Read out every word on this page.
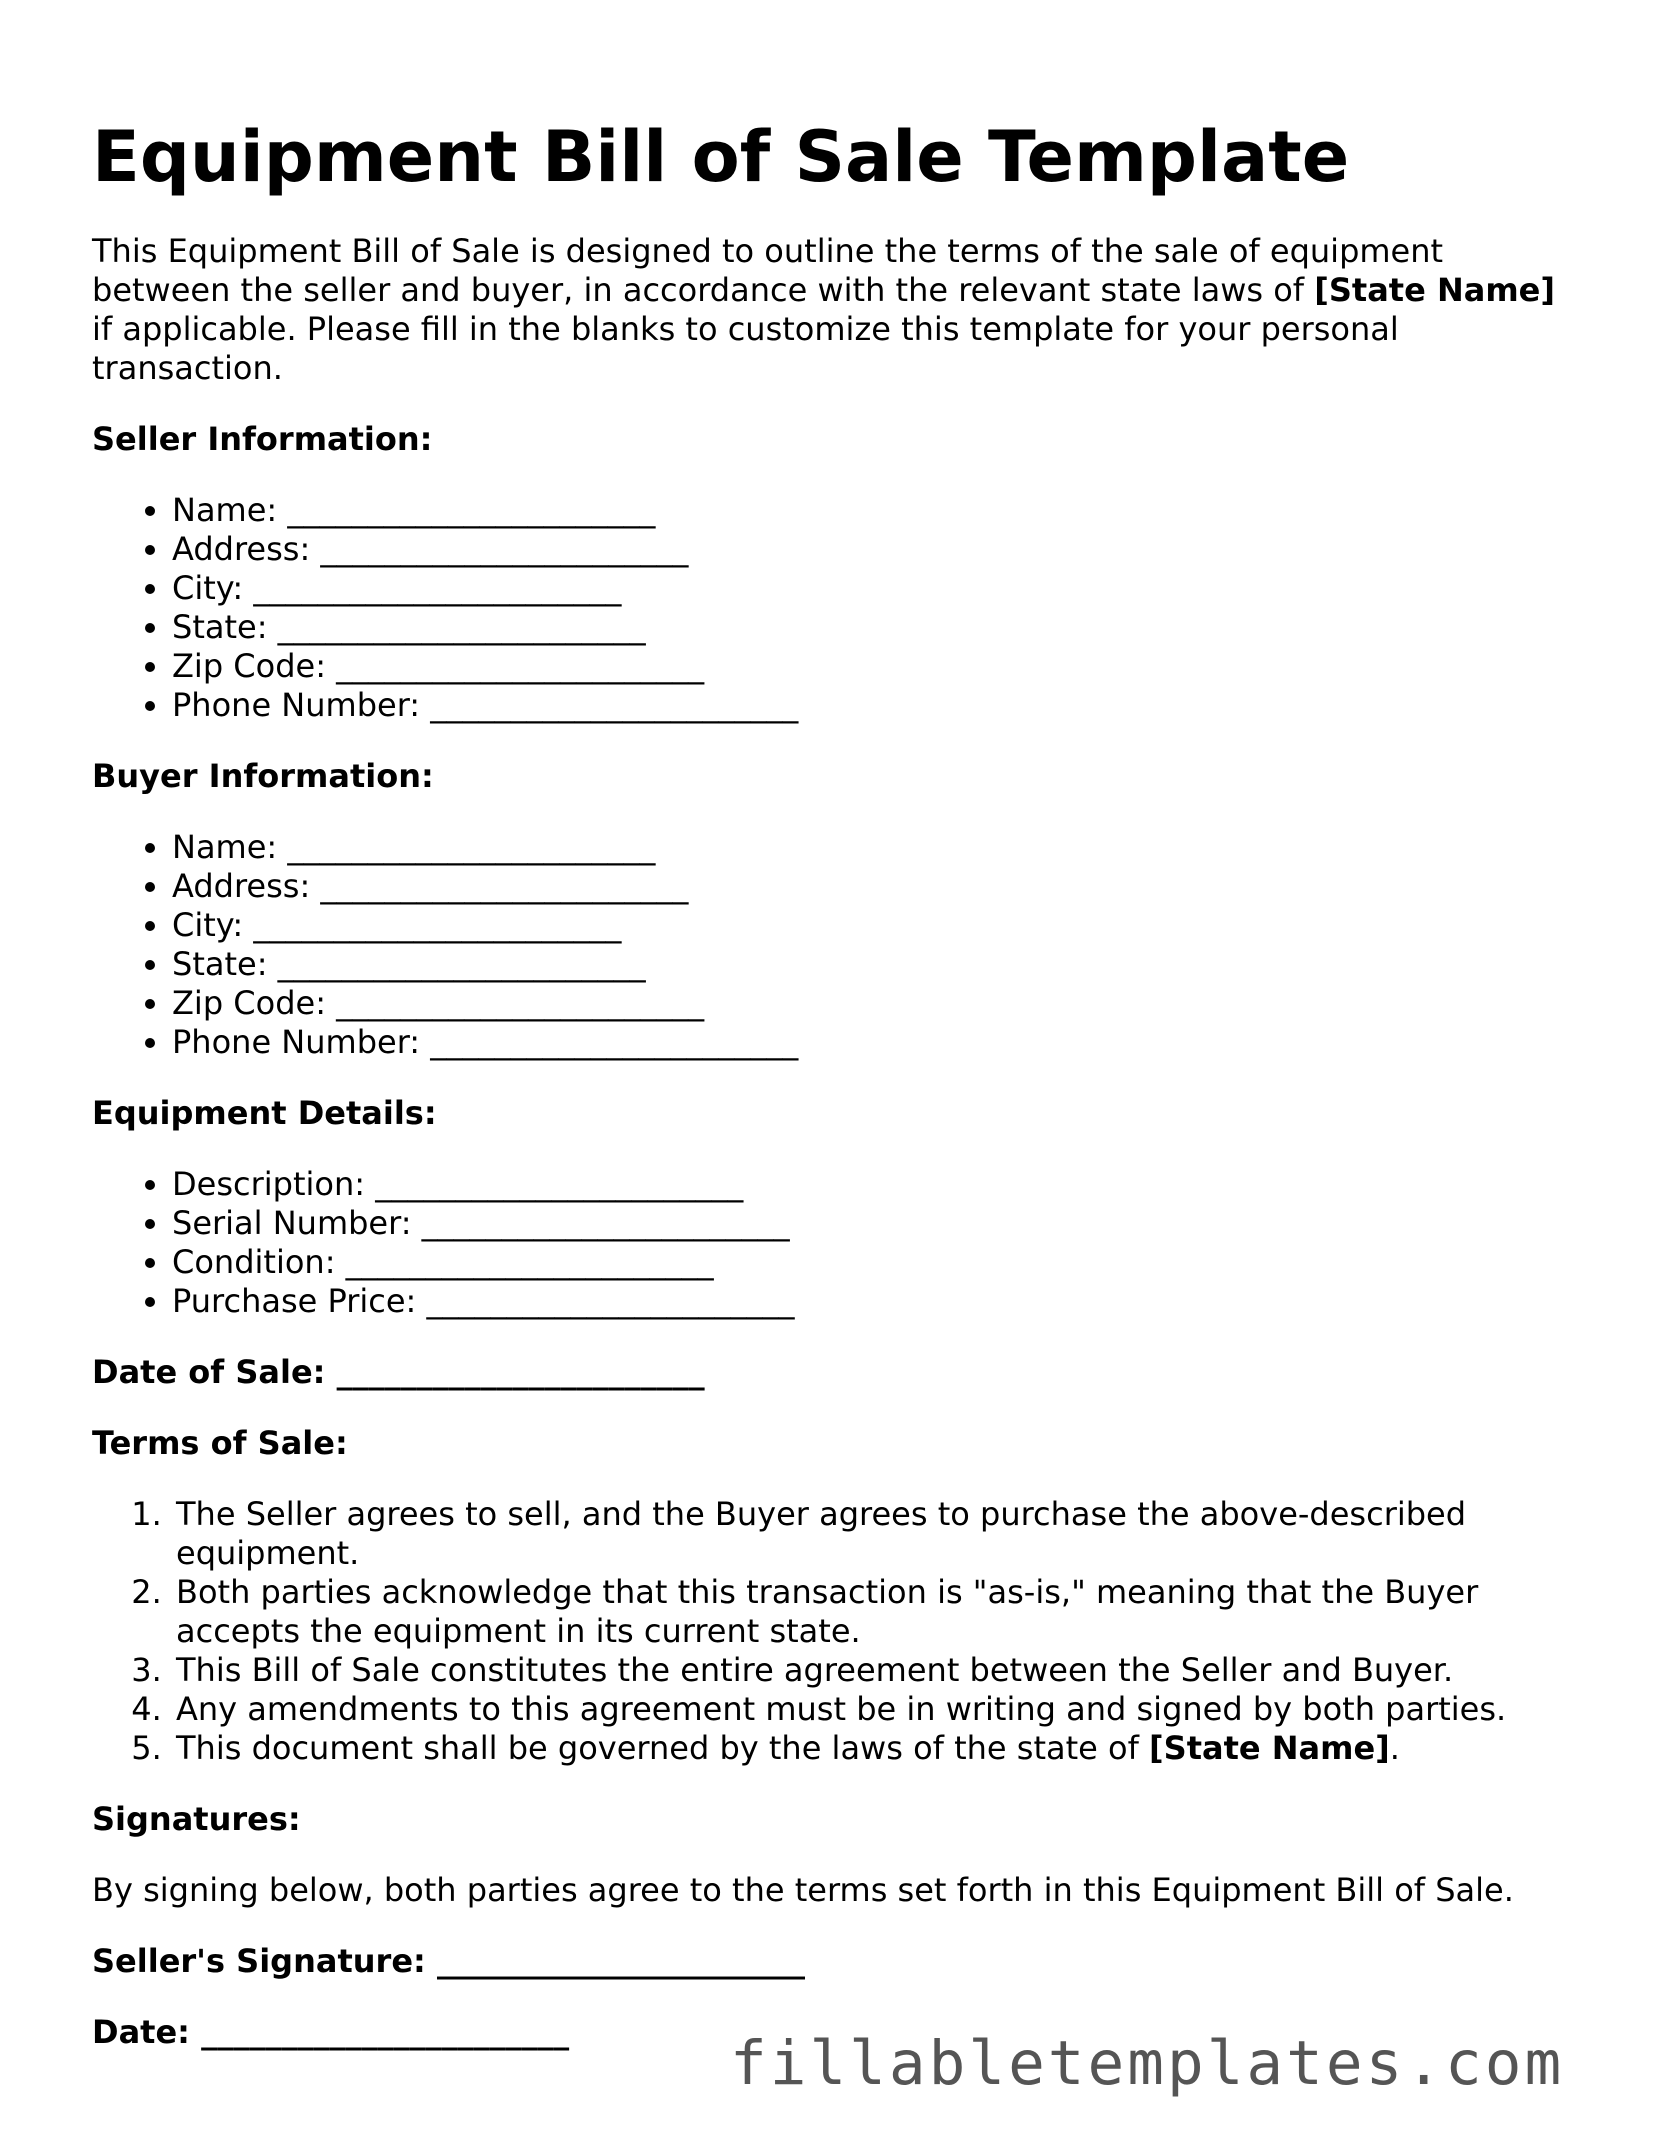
Equipment Bill of Sale Template

This Equipment Bill of Sale is designed to outline the terms of the sale of equipment between the seller and buyer, in accordance with the relevant state laws of [State Name] if applicable. Please fill in the blanks to customize this template for your personal transaction.

Seller Information:
• Name: _______________________
• Address: _______________________
• City: _______________________
• State: _______________________
• Zip Code: _______________________
• Phone Number: _______________________
Buyer Information:
• Name: _______________________
• Address: _______________________
• City: _______________________
• State: _______________________
• Zip Code: _______________________
• Phone Number: _______________________
Equipment Details:
• Description: _______________________
• Serial Number: _______________________
• Condition: _______________________
• Purchase Price: _______________________
Date of Sale: _______________________
Terms of Sale:
1. The Seller agrees to sell, and the Buyer agrees to purchase the above-described equipment.
2. Both parties acknowledge that this transaction is "as-is," meaning that the Buyer accepts the equipment in its current state.
3. This Bill of Sale constitutes the entire agreement between the Seller and Buyer.
4. Any amendments to this agreement must be in writing and signed by both parties.
5. This document shall be governed by the laws of the state of [State Name].
Signatures:

By signing below, both parties agree to the terms set forth in this Equipment Bill of Sale.

Seller's Signature: _______________________
Date: _______________________	fillabletemplates.com
